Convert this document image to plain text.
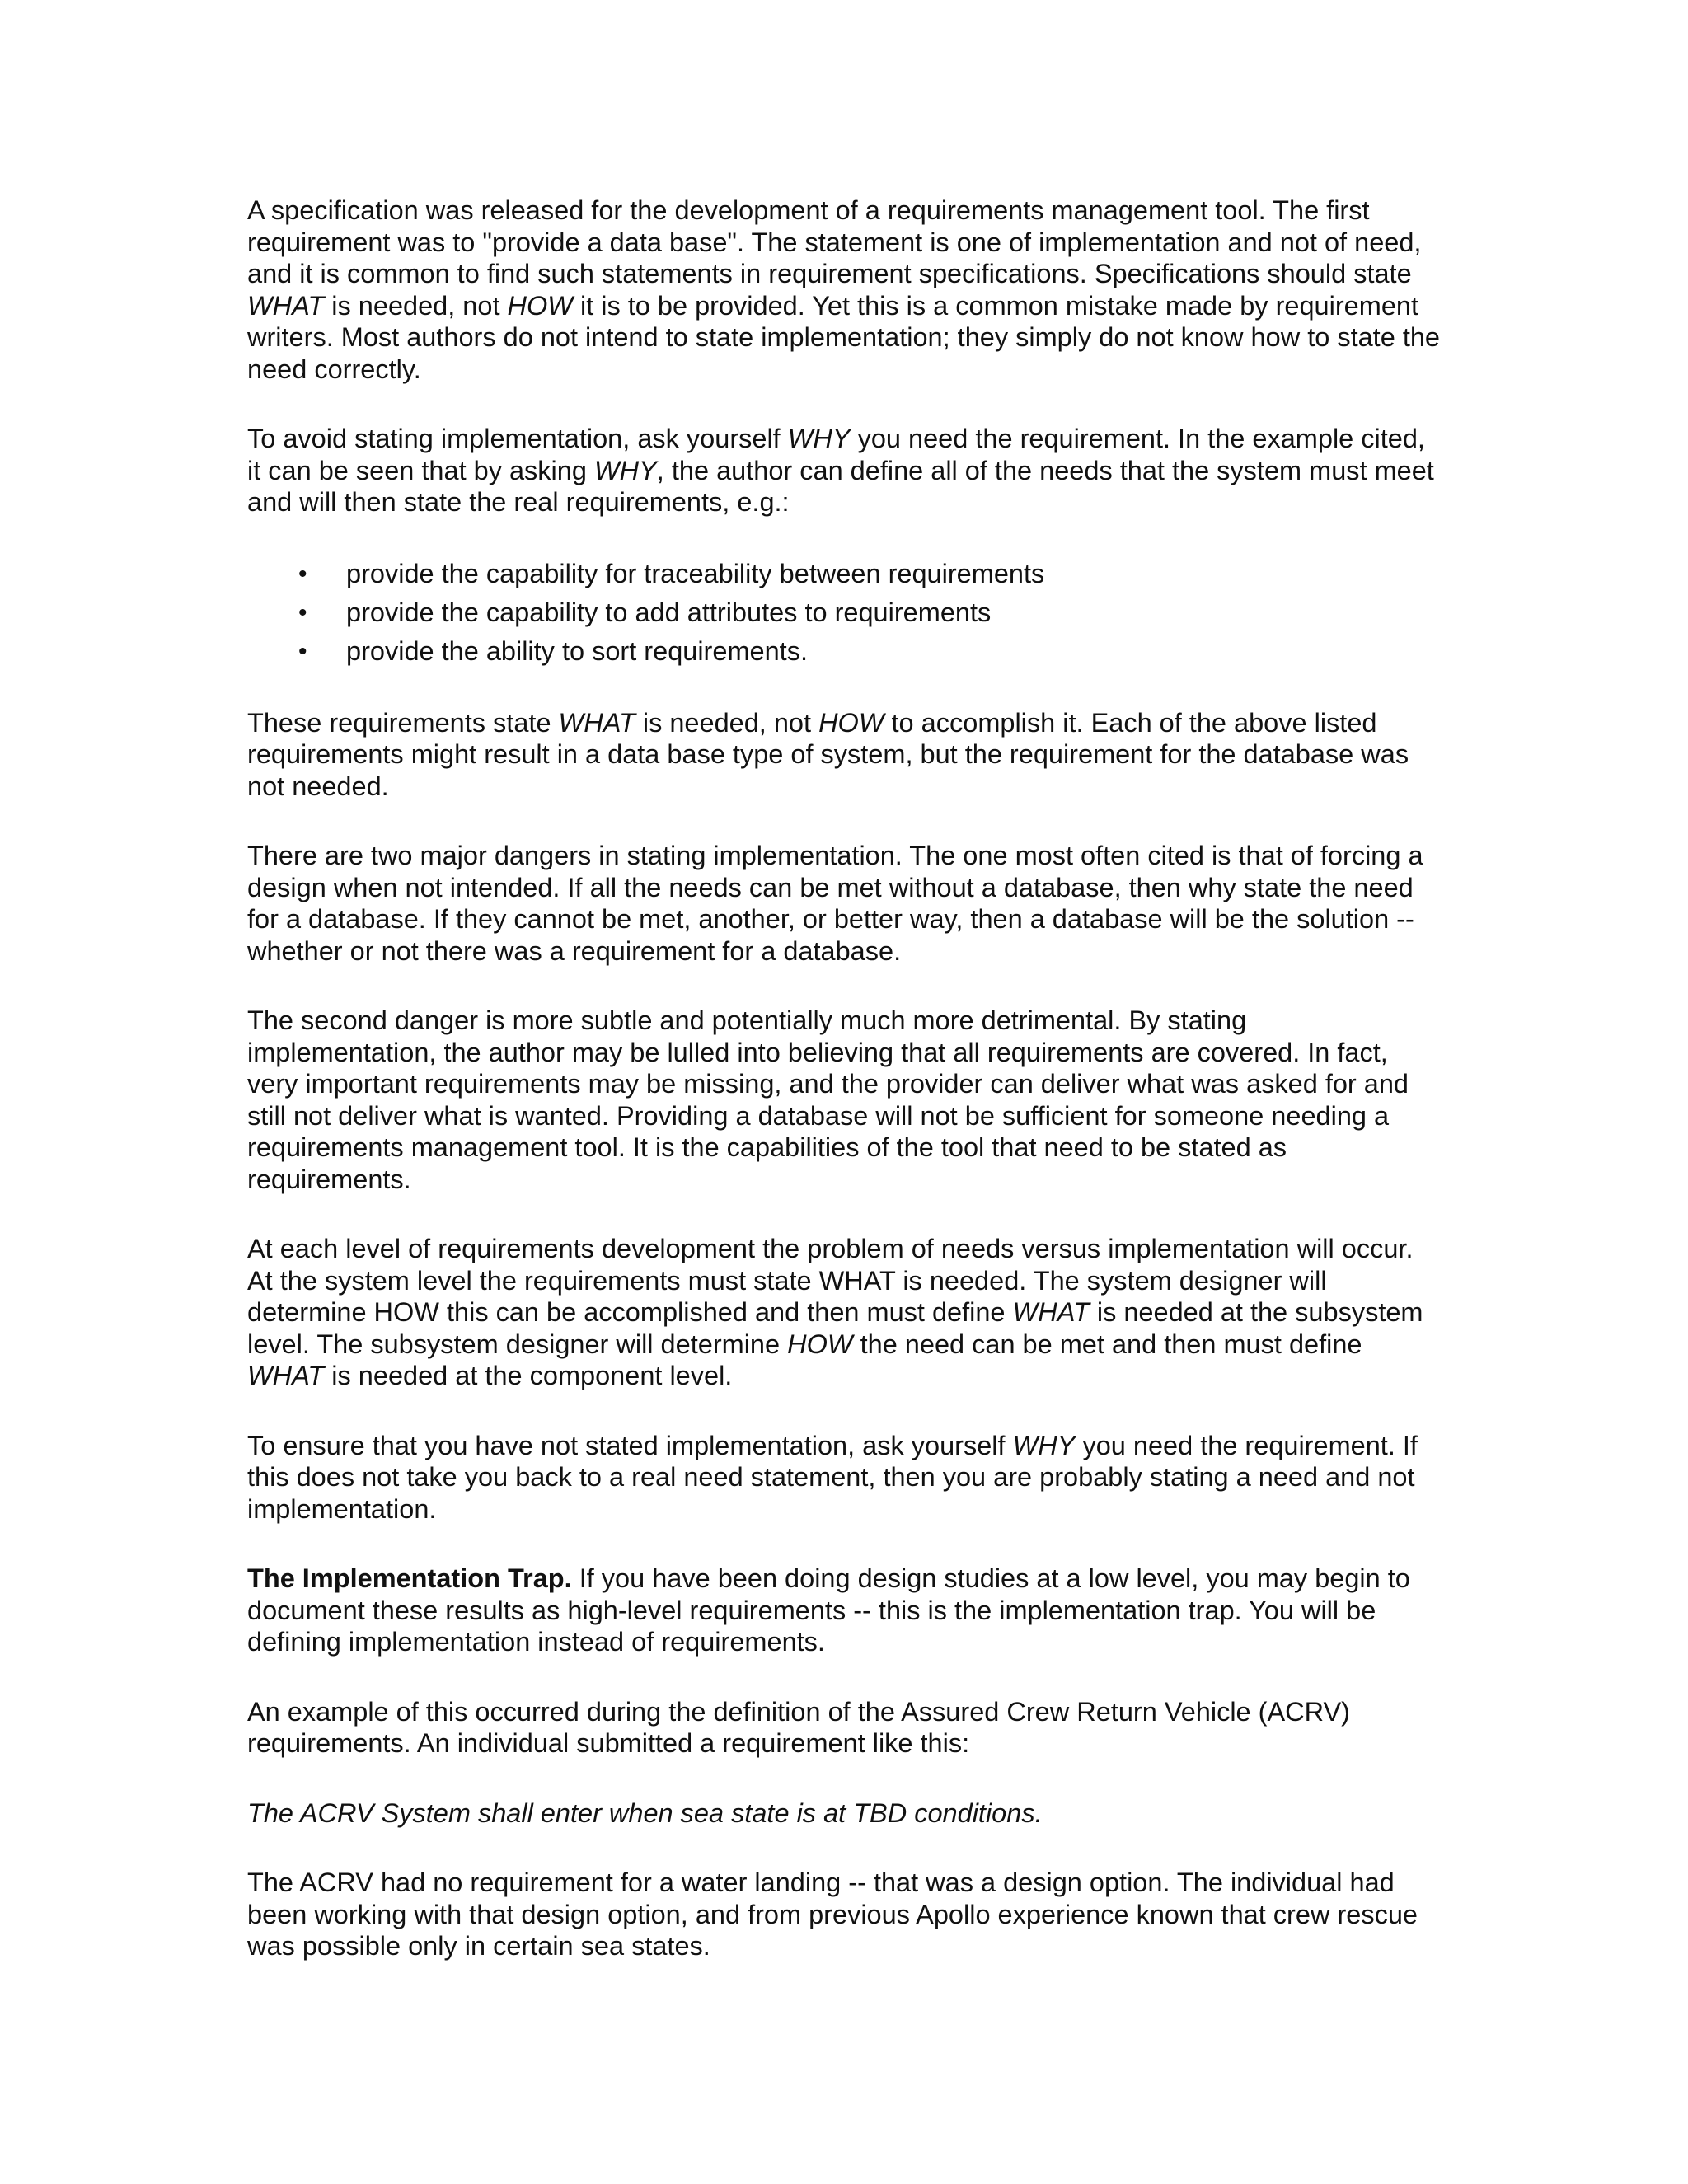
A specification was released for the development of a requirements management tool. The first requirement was to "provide a data base". The statement is one of implementation and not of need, and it is common to find such statements in requirement specifications. Specifications should state WHAT is needed, not HOW it is to be provided. Yet this is a common mistake made by requirement writers. Most authors do not intend to state implementation; they simply do not know how to state the need correctly.

To avoid stating implementation, ask yourself WHY you need the requirement. In the example cited, it can be seen that by asking WHY, the author can define all of the needs that the system must meet and will then state the real requirements, e.g.:

• provide the capability for traceability between requirements
• provide the capability to add attributes to requirements
• provide the ability to sort requirements.

These requirements state WHAT is needed, not HOW to accomplish it. Each of the above listed requirements might result in a data base type of system, but the requirement for the database was not needed.

There are two major dangers in stating implementation. The one most often cited is that of forcing a design when not intended. If all the needs can be met without a database, then why state the need for a database. If they cannot be met, another, or better way, then a database will be the solution -- whether or not there was a requirement for a database.

The second danger is more subtle and potentially much more detrimental. By stating implementation, the author may be lulled into believing that all requirements are covered. In fact, very important requirements may be missing, and the provider can deliver what was asked for and still not deliver what is wanted. Providing a database will not be sufficient for someone needing a requirements management tool. It is the capabilities of the tool that need to be stated as requirements.

At each level of requirements development the problem of needs versus implementation will occur. At the system level the requirements must state WHAT is needed. The system designer will determine HOW this can be accomplished and then must define WHAT is needed at the subsystem level. The subsystem designer will determine HOW the need can be met and then must define WHAT is needed at the component level.

To ensure that you have not stated implementation, ask yourself WHY you need the requirement. If this does not take you back to a real need statement, then you are probably stating a need and not implementation.

The Implementation Trap. If you have been doing design studies at a low level, you may begin to document these results as high-level requirements -- this is the implementation trap. You will be defining implementation instead of requirements.

An example of this occurred during the definition of the Assured Crew Return Vehicle (ACRV) requirements. An individual submitted a requirement like this:

The ACRV System shall enter when sea state is at TBD conditions.

The ACRV had no requirement for a water landing -- that was a design option. The individual had been working with that design option, and from previous Apollo experience known that crew rescue was possible only in certain sea states.
